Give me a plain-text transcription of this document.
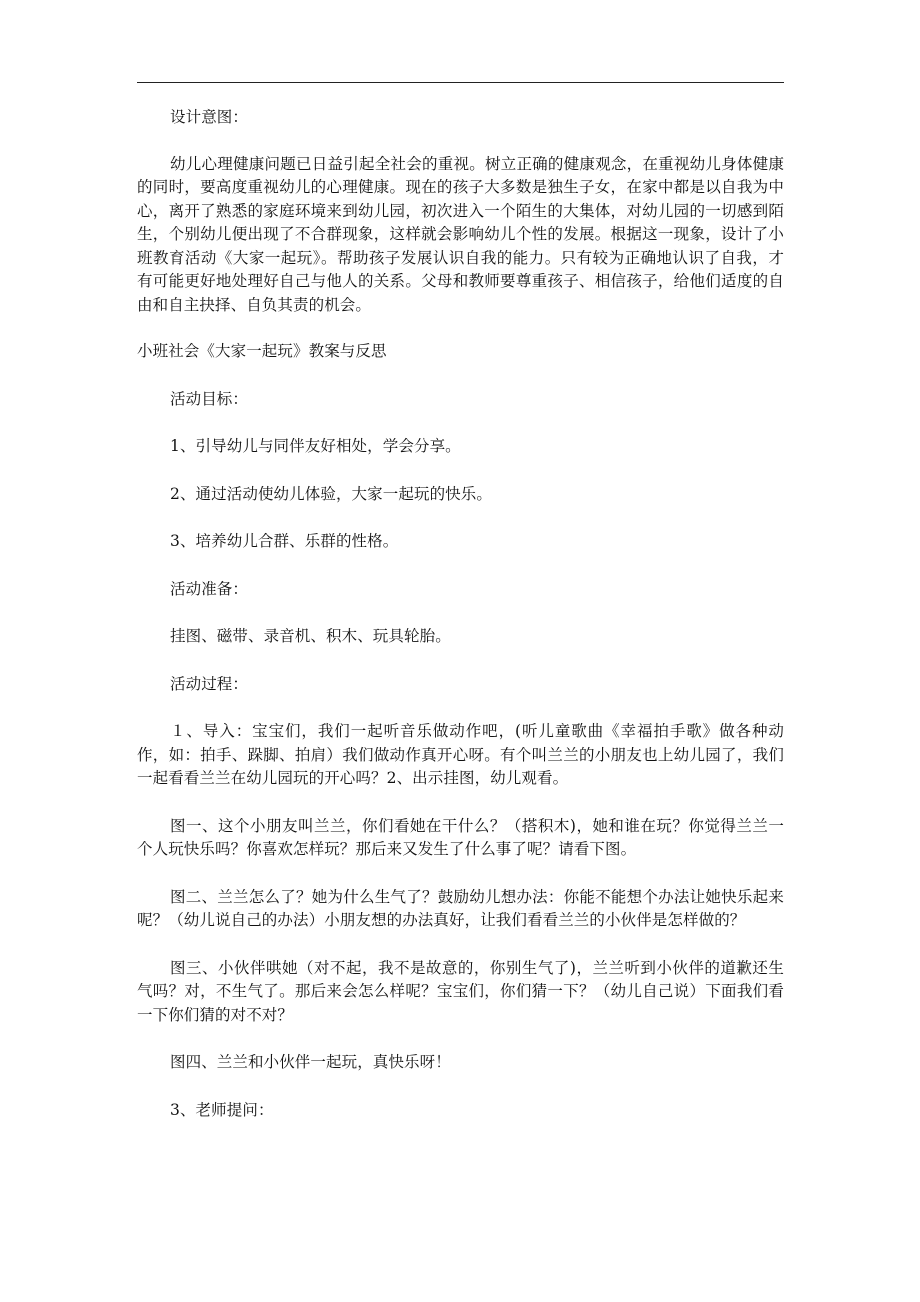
设计意图：

幼儿心理健康问题已日益引起全社会的重视。树立正确的健康观念，在重视幼儿身体健康的同时，要高度重视幼儿的心理健康。现在的孩子大多数是独生子女，在家中都是以自我为中心，离开了熟悉的家庭环境来到幼儿园，初次进入一个陌生的大集体，对幼儿园的一切感到陌生，个别幼儿便出现了不合群现象，这样就会影响幼儿个性的发展。根据这一现象，设计了小班教育活动《大家一起玩》。帮助孩子发展认识自我的能力。只有较为正确地认识了自我，才有可能更好地处理好自己与他人的关系。父母和教师要尊重孩子、相信孩子，给他们适度的自由和自主抉择、自负其责的机会。

小班社会《大家一起玩》教案与反思

活动目标：

1、引导幼儿与同伴友好相处，学会分享。

2、通过活动使幼儿体验，大家一起玩的快乐。

3、培养幼儿合群、乐群的性格。

活动准备：

挂图、磁带、录音机、积木、玩具轮胎。

活动过程：

１、导入：宝宝们，我们一起听音乐做动作吧，(听儿童歌曲《幸福拍手歌》做各种动作，如：拍手、跺脚、拍肩）我们做动作真开心呀。有个叫兰兰的小朋友也上幼儿园了，我们一起看看兰兰在幼儿园玩的开心吗？2、出示挂图，幼儿观看。

图一、这个小朋友叫兰兰，你们看她在干什么？（搭积木)，她和谁在玩？你觉得兰兰一个人玩快乐吗？你喜欢怎样玩？那后来又发生了什么事了呢？请看下图。

图二、兰兰怎么了？她为什么生气了？鼓励幼儿想办法：你能不能想个办法让她快乐起来呢？（幼儿说自己的办法）小朋友想的办法真好，让我们看看兰兰的小伙伴是怎样做的？

图三、小伙伴哄她（对不起，我不是故意的，你别生气了)，兰兰听到小伙伴的道歉还生气吗？对，不生气了。那后来会怎么样呢？宝宝们，你们猜一下？（幼儿自己说）下面我们看一下你们猜的对不对？

图四、兰兰和小伙伴一起玩，真快乐呀！

3、老师提问：
